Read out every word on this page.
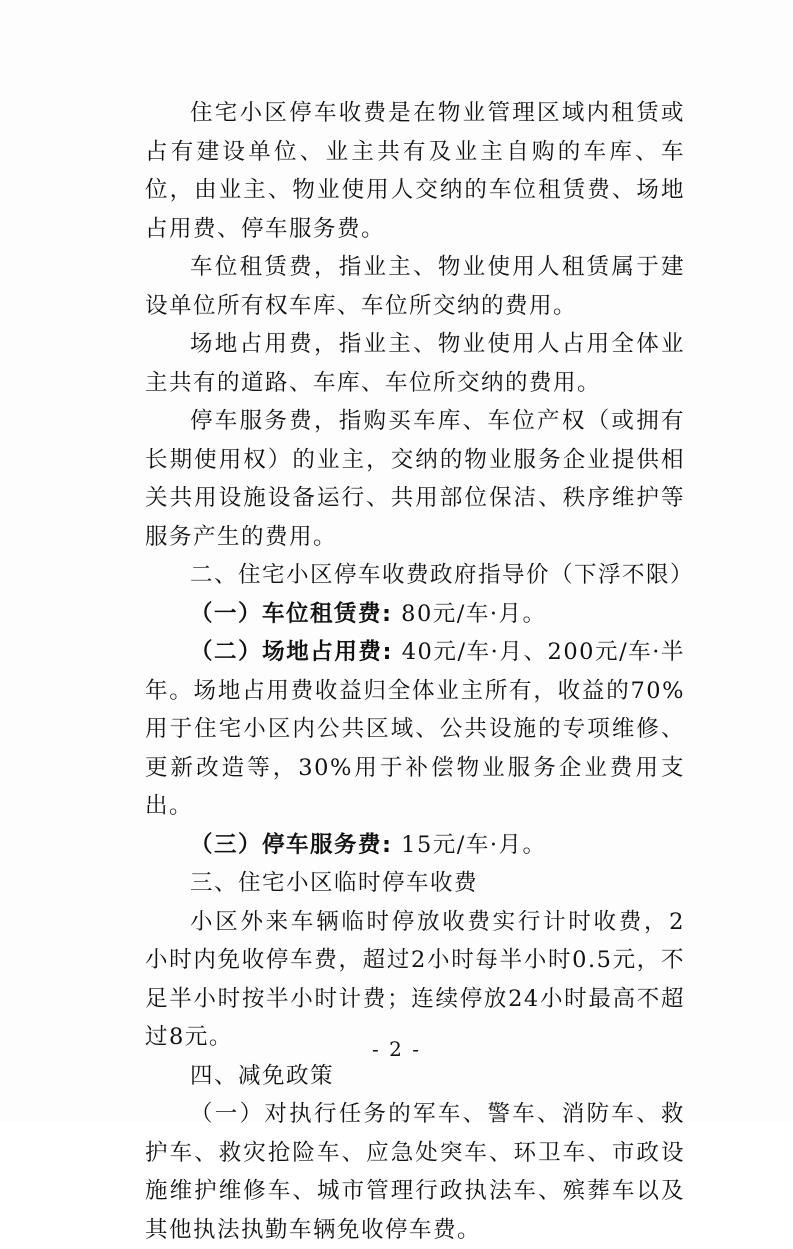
住宅小区停车收费是在物业管理区域内租赁或占有建设单位、业主共有及业主自购的车库、车位，由业主、物业使用人交纳的车位租赁费、场地占用费、停车服务费。

车位租赁费，指业主、物业使用人租赁属于建设单位所有权车库、车位所交纳的费用。

场地占用费，指业主、物业使用人占用全体业主共有的道路、车库、车位所交纳的费用。

停车服务费，指购买车库、车位产权（或拥有长期使用权）的业主，交纳的物业服务企业提供相关共用设施设备运行、共用部位保洁、秩序维护等服务产生的费用。

二、住宅小区停车收费政府指导价（下浮不限）

（一）车位租赁费: 80元/车·月。

（二）场地占用费: 40元/车·月、200元/车·半年。场地占用费收益归全体业主所有，收益的70%用于住宅小区内公共区域、公共设施的专项维修、更新改造等，30%用于补偿物业服务企业费用支出。

（三）停车服务费: 15元/车·月。

三、住宅小区临时停车收费

小区外来车辆临时停放收费实行计时收费，2小时内免收停车费，超过2小时每半小时0.5元，不足半小时按半小时计费；连续停放24小时最高不超过8元。

四、减免政策

（一）对执行任务的军车、警车、消防车、救护车、救灾抢险车、应急处突车、环卫车、市政设施维护维修车、城市管理行政执法车、殡葬车以及其他执法执勤车辆免收停车费。

- 2 -
